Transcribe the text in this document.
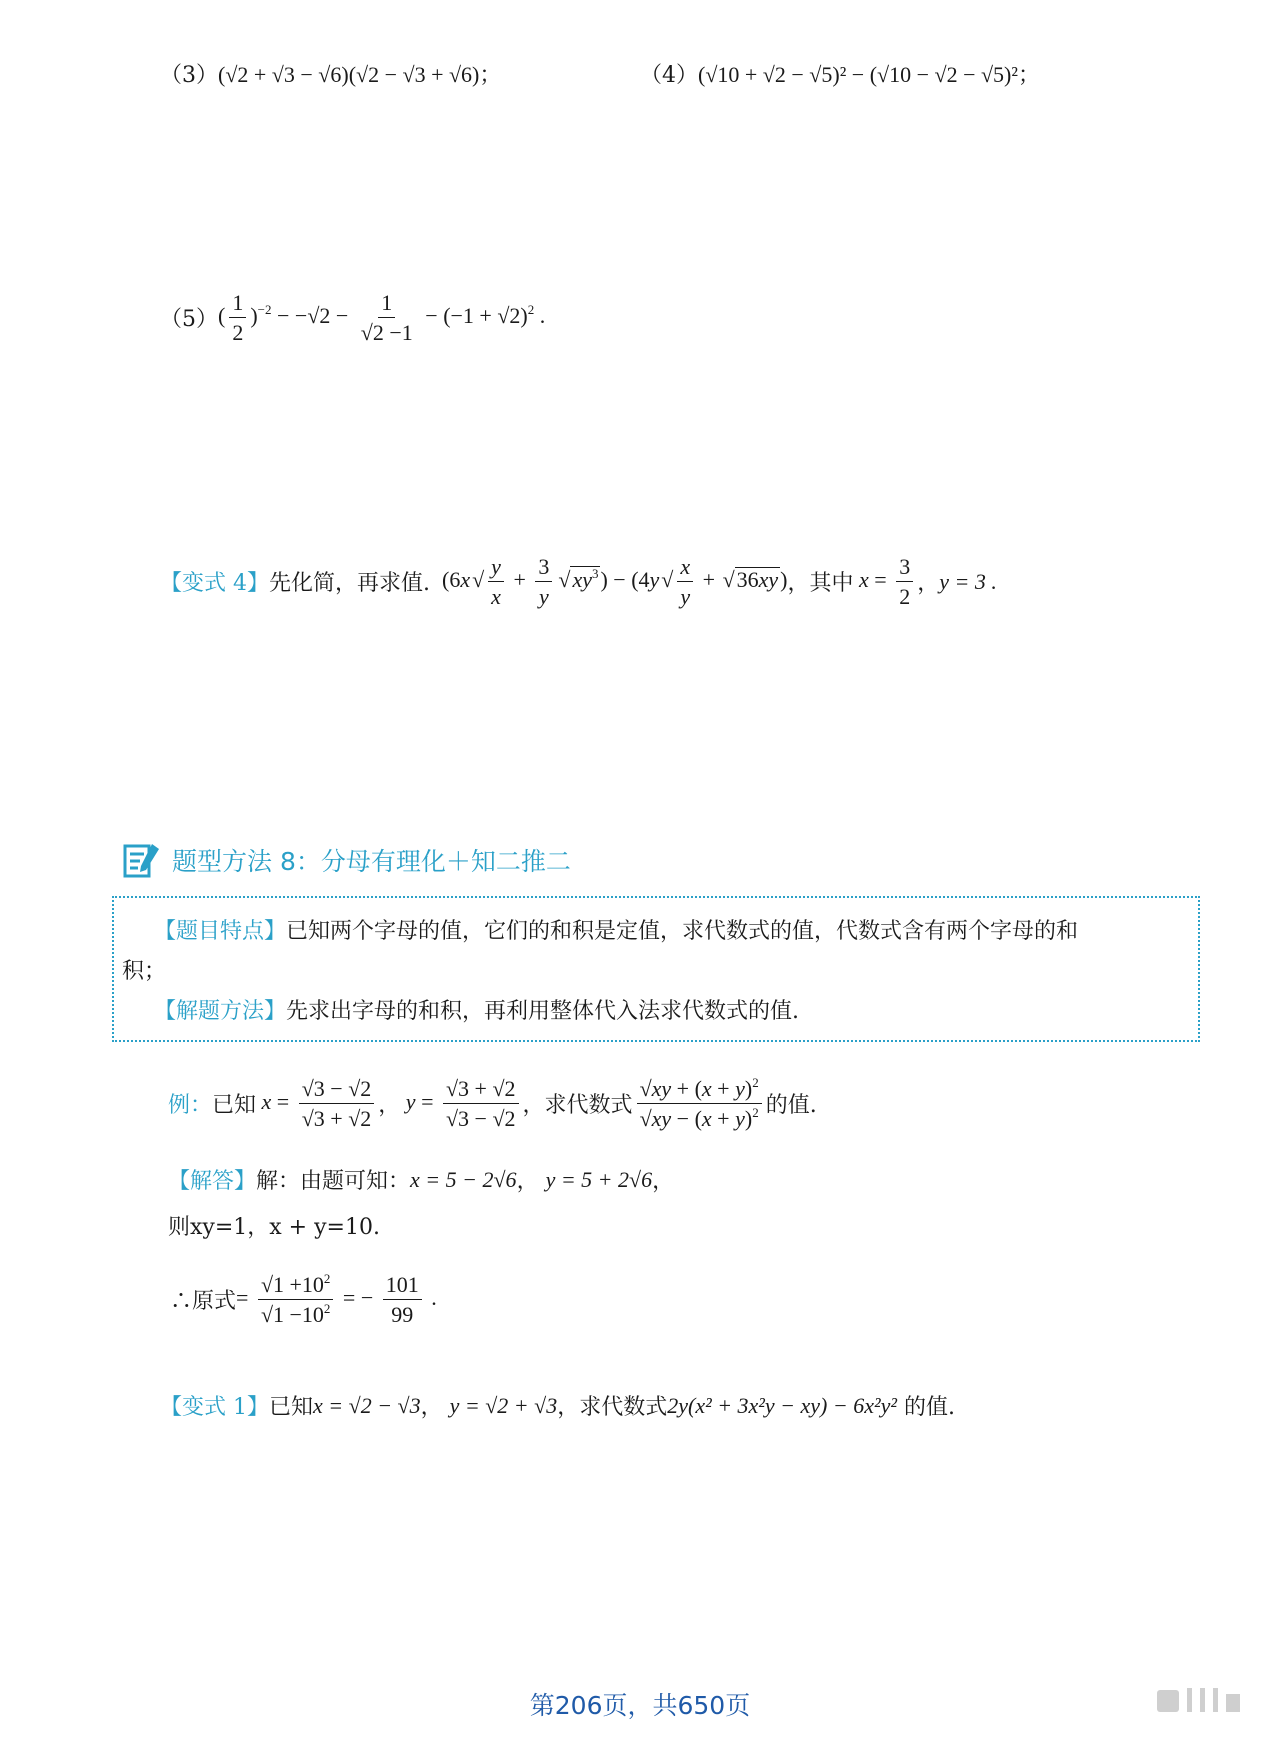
（3） (√2 + √3 − √6)(√2 − √3 + √6)；	（4） (√10 + √2 − √5)² − (√10 − √2 − √5)²；
（5） ( $\frac{1}{2} )^{-2} - -√2 - \frac{1}{√2 -1} - (-1 + √2)^2$ .
【变式 4】 先化简，再求值. $(6x√ \frac{y}{x} + \frac{3}{y} √xy^3) - (4y√ \frac{x}{y} + √36xy)$ ，其中 $x = \frac{3}{2}$ ， y = 3 .
题型方法 8：分母有理化＋知二推二
【题目特点】已知两个字母的值，它们的和积是定值，求代数式的值，代数式含有两个字母的和
积；
【解题方法】先求出字母的和积，再利用整体代入法求代数式的值.
例： 已知 $x = \frac{√3 - √2}{√3 + √2}$ ， $y = \frac{√3 + √2}{√3 - √2}$ ，求代数式 $\frac{√xy + (x + y)^2}{√xy - (x + y)^2}$ 的值.
【解答】 解：由题可知： x = 5 − 2√6 ， y = 5 + 2√6 ，
则xy=1，x + y=10.
∴原式 = $\frac{√1 +10^2}{√1 -10^2}$ = − $\frac{101}{99}$ .
【变式 1】 已知 x = √2 − √3 ， y = √2 + √3 ，求代数式 2y(x² + 3x²y − xy) − 6x²y²
的值.
第206页，共650页
